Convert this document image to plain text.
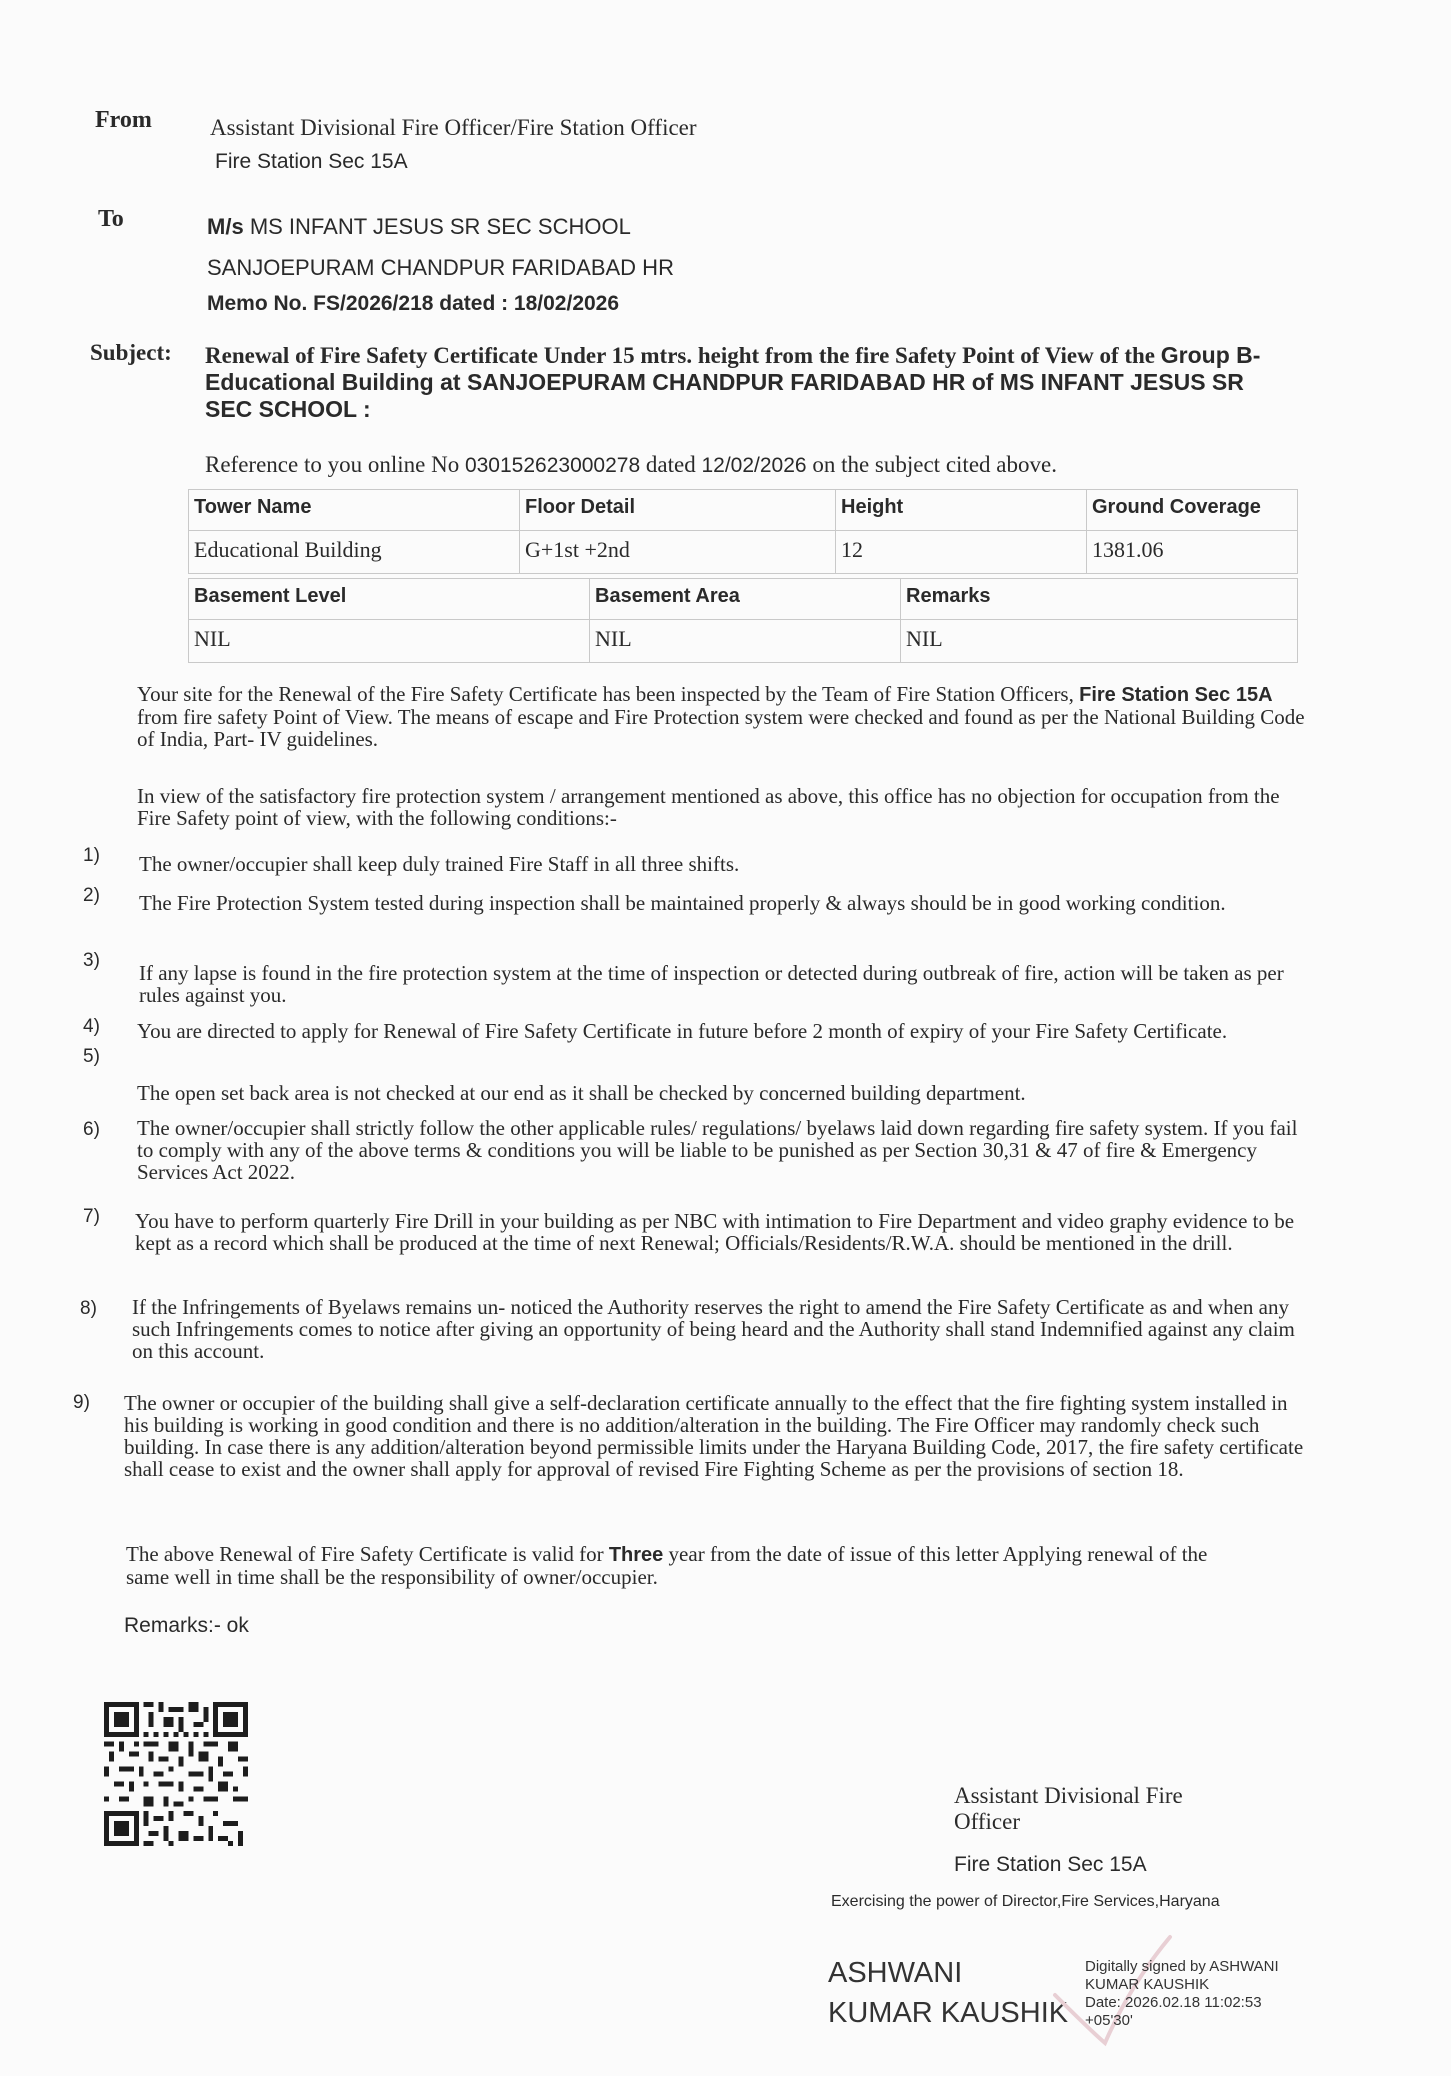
From	Assistant Divisional Fire Officer/Fire Station Officer
Fire Station Sec 15A
To	M/s MS INFANT JESUS SR SEC SCHOOL
SANJOEPURAM CHANDPUR FARIDABAD HR
Memo No. FS/2026/218 dated : 18/02/2026
Subject: Renewal of Fire Safety Certificate Under 15 mtrs. height from the fire Safety Point of View of the Group B-Educational Building at SANJOEPURAM CHANDPUR FARIDABAD HR of MS INFANT JESUS SR SEC SCHOOL :
Reference to you online No 030152623000278 dated 12/02/2026 on the subject cited above.
Tower Name	Floor Detail	Height	Ground Coverage
Educational Building	G+1st +2nd	12	1381.06
Basement Level	Basement Area	Remarks
NIL	NIL	NIL
Your site for the Renewal of the Fire Safety Certificate has been inspected by the Team of Fire Station Officers, Fire Station Sec 15A from fire safety Point of View. The means of escape and Fire Protection system were checked and found as per the National Building Code of India, Part- IV guidelines.
In view of the satisfactory fire protection system / arrangement mentioned as above, this office has no objection for occupation from the Fire Safety point of view, with the following conditions:-
1) The owner/occupier shall keep duly trained Fire Staff in all three shifts.
2) The Fire Protection System tested during inspection shall be maintained properly & always should be in good working condition.
3)
If any lapse is found in the fire protection system at the time of inspection or detected during outbreak of fire, action will be taken as per rules against you.
4) You are directed to apply for Renewal of Fire Safety Certificate in future before 2 month of expiry of your Fire Safety Certificate.
5)
The open set back area is not checked at our end as it shall be checked by concerned building department.
6) The owner/occupier shall strictly follow the other applicable rules/ regulations/ byelaws laid down regarding fire safety system. If you fail to comply with any of the above terms & conditions you will be liable to be punished as per Section 30,31 & 47 of fire & Emergency Services Act 2022.
7) You have to perform quarterly Fire Drill in your building as per NBC with intimation to Fire Department and video graphy evidence to be kept as a record which shall be produced at the time of next Renewal; Officials/Residents/R.W.A. should be mentioned in the drill.
8) If the Infringements of Byelaws remains un- noticed the Authority reserves the right to amend the Fire Safety Certificate as and when any such Infringements comes to notice after giving an opportunity of being heard and the Authority shall stand Indemnified against any claim on this account.
9) The owner or occupier of the building shall give a self-declaration certificate annually to the effect that the fire fighting system installed in his building is working in good condition and there is no addition/alteration in the building. The Fire Officer may randomly check such building. In case there is any addition/alteration beyond permissible limits under the Haryana Building Code, 2017, the fire safety certificate shall cease to exist and the owner shall apply for approval of revised Fire Fighting Scheme as per the provisions of section 18.
The above Renewal of Fire Safety Certificate is valid for Three year from the date of issue of this letter Applying renewal of the same well in time shall be the responsibility of owner/occupier.
Remarks:- ok
Assistant Divisional Fire
Officer
Fire Station Sec 15A
Exercising the power of Director,Fire Services,Haryana
ASHWANI
KUMAR KAUSHIK
Digitally signed by ASHWANI
KUMAR KAUSHIK
Date: 2026.02.18 11:02:53
+05'30'
